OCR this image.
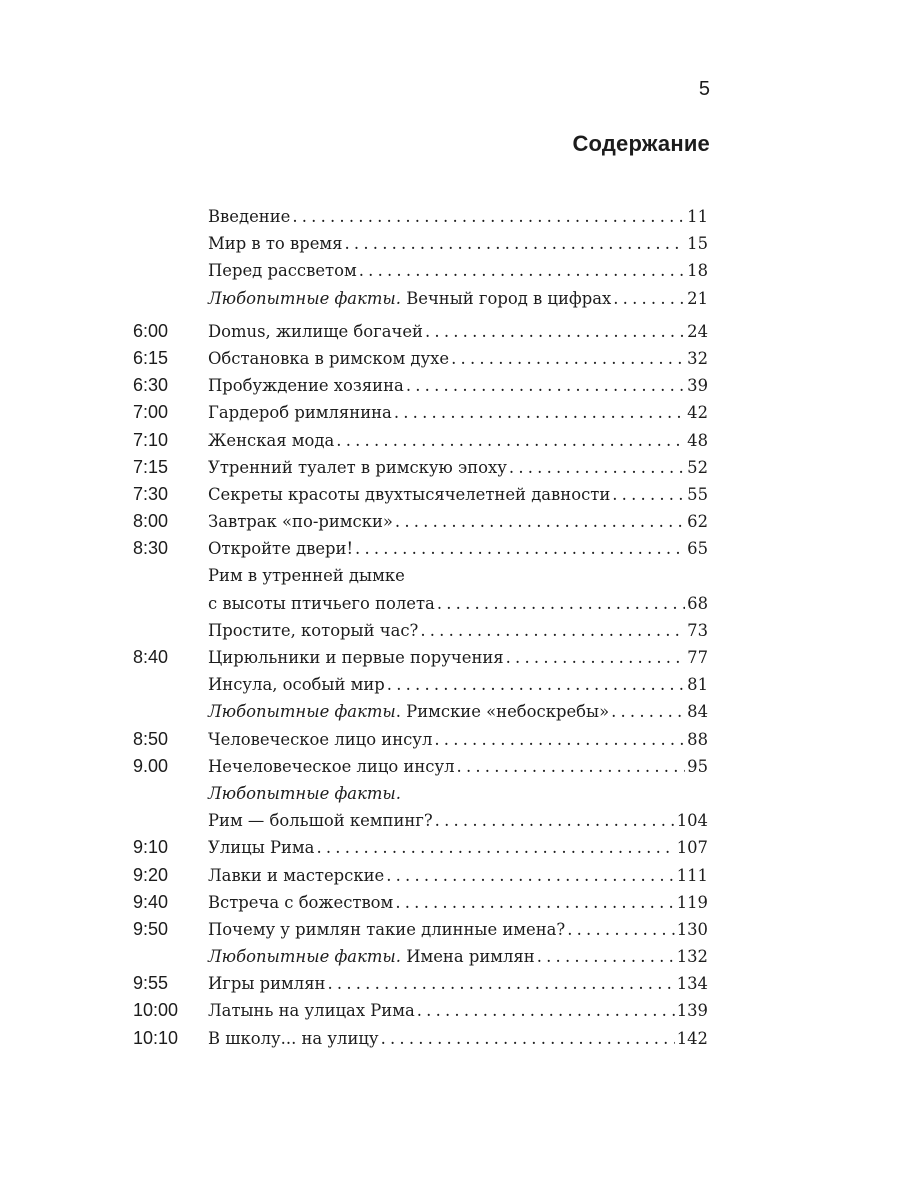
5
Содержание
Введение . . .	11
Мир в то время . . .	15
Перед рассветом . . .	18
Любопытные факты. Вечный город в цифрах . . .	21
6:00	Domus, жилище богачей . . .	24
6:15	Обстановка в римском духе . . .	32
6:30	Пробуждение хозяина . . .	39
7:00	Гардероб римлянина . . .	42
7:10	Женская мода . . .	48
7:15	Утренний туалет в римскую эпоху . . .	52
7:30	Секреты красоты двухтысячелетней давности . . .	55
8:00	Завтрак «по-римски» . . .	62
8:30	Откройте двери! . . .	65
Рим в утренней дымке
с высоты птичьего полета . . .	68
Простите, который час? . . .	73
8:40	Цирюльники и первые поручения . . .	77
Инсула, особый мир . . .	81
Любопытные факты. Римские «небоскребы» . . .	84
8:50	Человеческое лицо инсул . . .	88
9.00	Нечеловеческое лицо инсул . . .	95
Любопытные факты.
Рим — большой кемпинг? . . .	104
9:10	Улицы Рима . . .	107
9:20	Лавки и мастерские . . .	111
9:40	Встреча с божеством . . .	119
9:50	Почему у римлян такие длинные имена? . . .	130
Любопытные факты. Имена римлян . . .	132
9:55	Игры римлян . . .	134
10:00	Латынь на улицах Рима . . .	139
10:10	В школу... на улицу . . .	142
